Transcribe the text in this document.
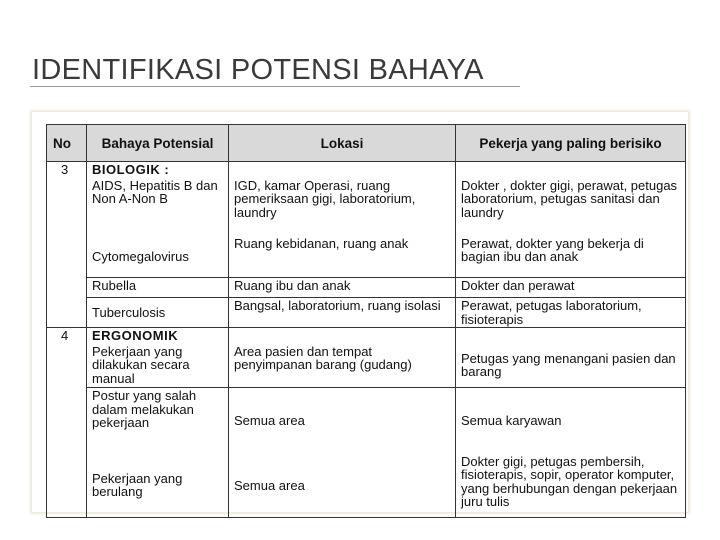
IDENTIFIKASI POTENSI BAHAYA
No	Bahaya Potensial	Lokasi	Pekerja yang paling berisiko
3	BIOLOGIK :		
	AIDS, Hepatitis B dan Non A-Non B	IGD, kamar Operasi, ruang pemeriksaan gigi, laboratorium, laundry	Dokter , dokter gigi, perawat, petugas laboratorium, petugas sanitasi dan laundry
	Cytomegalovirus	Ruang kebidanan, ruang anak	Perawat, dokter yang bekerja di bagian ibu dan anak
	Rubella	Ruang ibu dan anak	Dokter dan perawat
	Tuberculosis	Bangsal, laboratorium, ruang isolasi	Perawat, petugas laboratorium, fisioterapis
4	ERGONOMIK		
	Pekerjaan yang dilakukan secara manual	Area pasien dan tempat penyimpanan barang (gudang)	Petugas yang menangani pasien dan barang
	Postur yang salah dalam melakukan pekerjaan	Semua area	Semua karyawan
	Pekerjaan yang berulang	Semua area	Dokter gigi, petugas pembersih, fisioterapis, sopir, operator komputer, yang berhubungan dengan pekerjaan juru tulis
